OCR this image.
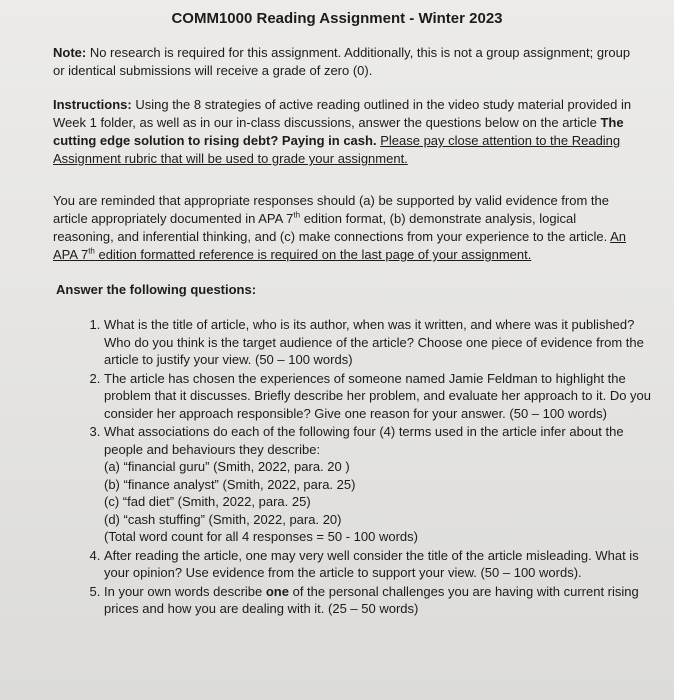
COMM1000 Reading Assignment - Winter 2023

Note: No research is required for this assignment. Additionally, this is not a group assignment; group or identical submissions will receive a grade of zero (0).

Instructions: Using the 8 strategies of active reading outlined in the video study material provided in Week 1 folder, as well as in our in-class discussions, answer the questions below on the article The cutting edge solution to rising debt? Paying in cash. Please pay close attention to the Reading Assignment rubric that will be used to grade your assignment.

You are reminded that appropriate responses should (a) be supported by valid evidence from the article appropriately documented in APA 7th edition format, (b) demonstrate analysis, logical reasoning, and inferential thinking, and (c) make connections from your experience to the article. An APA 7th edition formatted reference is required on the last page of your assignment.

Answer the following questions:
1. What is the title of article, who is its author, when was it written, and where was it published? Who do you think is the target audience of the article? Choose one piece of evidence from the article to justify your view. (50 – 100 words)
2. The article has chosen the experiences of someone named Jamie Feldman to highlight the problem that it discusses. Briefly describe her problem, and evaluate her approach to it. Do you consider her approach responsible? Give one reason for your answer. (50 – 100 words)
3. What associations do each of the following four (4) terms used in the article infer about the people and behaviours they describe:
(a) “financial guru” (Smith, 2022, para. 20 )
(b) “finance analyst” (Smith, 2022, para. 25)
(c) “fad diet” (Smith, 2022, para. 25)
(d) “cash stuffing” (Smith, 2022, para. 20)
(Total word count for all 4 responses = 50 - 100 words)
4. After reading the article, one may very well consider the title of the article misleading. What is your opinion? Use evidence from the article to support your view. (50 – 100 words).
5. In your own words describe one of the personal challenges you are having with current rising prices and how you are dealing with it. (25 – 50 words)
